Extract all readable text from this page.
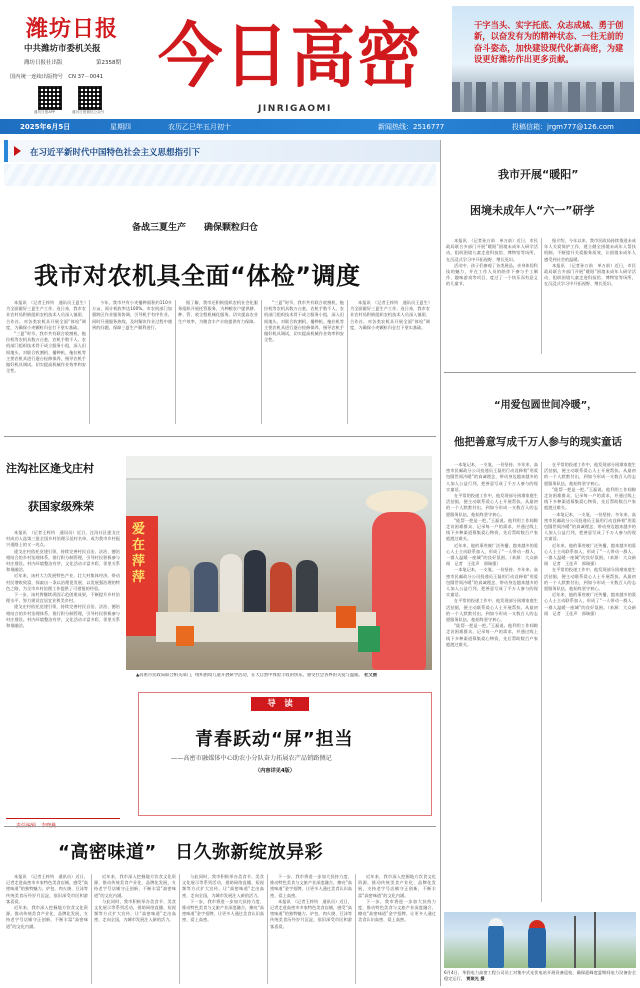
潍坊日报
中共潍坊市委机关报
潍坊日报社出版	第2358期
国内统一连续出版物号　CN 37－0041
潍坊日报APP	潍坊日报微信公众号
今日高密
JINRIGAOMI
干字当头、实字托底、众志成城、勇于创新，以奋发有为的精神状态、一往无前的奋斗姿态，加快建设现代化新高密，为建设更好潍坊作出更多贡献。
2025年6月5日	星期四	农历乙巳年五月初十	新闻热线：2516777	投稿信箱：jrgm777@126.com
在习近平新时代中国特色社会主义思想指引下
备战三夏生产　　确保颗粒归仓
我市对农机具全面“体检”调度

本报讯　（记者王梓钧　通讯员王夏生）为全面做好三夏生产工作，连日来，我市农业农村局积极组织农机技术人员深入镇街、合作社，对各类农机具开展全面“体检”调度，为确保小麦颗粒归仓打下坚实基础。

“三夏”时节，我市共有联合收割机、拖拉机等农机具数万台套，农机手数千人。农机部门组织技术骨干成立服务小组，深入田间地头，对联合收割机、播种机、拖拉机等主要农机具进行逐台检修保养，指导农机手做好机具调试，切实提高机械作业效率和安全性。

今年，我市共有小麦播种面积约110多万亩，预计机收率达100%。市农机部门加强跨区作业服务协调，引导机手有序作业。同时开通服务热线，及时解决作业过程中遇到的问题，保障三夏生产顺利进行。

据了解，我市还积极组织农机社会化服务组织开展托管服务，为种粮农户提供耕、种、管、收全程机械化服务，切实提高农业生产效率，为粮食丰产丰收提供有力保障。

“三夏”时节，我市共有联合收割机、拖拉机等农机具数万台套，农机手数千人。农机部门组织技术骨干成立服务小组，深入田间地头，对联合收割机、播种机、拖拉机等主要农机具进行逐台检修保养，指导农机手做好机具调试，切实提高机械作业效率和安全性。

本报讯　（记者王梓钧　通讯员王夏生）为全面做好三夏生产工作，连日来，我市农业农村局积极组织农机技术人员深入镇街、合作社，对各类农机具开展全面“体检”调度，为确保小麦颗粒归仓打下坚实基础。

我市开展“暖阳”
困境未成年人“六一”研学

本报讯　（记者孙万前　单万前）近日，市民政局联合多部门开展“暖阳”困境未成年人研学活动，组织困境儿童走进科技馆、博物馆等场所，在沉浸式学习中开拓视野、增长见识。

活动中，孩子们参观了各类展品，亲身体验科技的魅力，并在工作人员的陪伴下参与手工制作、趣味游戏等项目，度过了一个快乐而有意义的儿童节。

据介绍，今年以来，我市民政局持续推进未成年人关爱保护工作，建立健全困境未成年人帮扶机制，不断提升关爱服务质效，让困境未成年人感受到社会的温暖。

本报讯　（记者孙万前　单万前）近日，市民政局联合多部门开展“暖阳”困境未成年人研学活动，组织困境儿童走进科技馆、博物馆等场所，在沉浸式学习中开拓视野、增长见识。

“用爱包圆世间冷暖”，
他把善意写成千万人参与的现实童话

一本笔记本，一支笔，一份坚持。多年来，高密市民邮政分公司投递员王磊用行动诠释着“用爱包圆世间冷暖”的真诚理念，带动身边越来越多的人加入公益行列，把善意写成了千万人参与的现实童话。

在平常的投递工作中，他发现部分困难家庭生活拮据，便主动联系爱心人士开展帮扶。从最初的一个人默默付出，到如今形成一支数百人的志愿服务队伍，他始终坚守初心。

“能帮一把是一把。”王磊说。他利用工作间隙走访困难群众，记录每一户的需求，并通过线上线下多种渠道募集爱心物资，先后帮助数百户家庭渡过难关。

近年来，他的事迹被广泛传播，越来越多的爱心人士主动联系加入，形成了“一人带动一群人、一群人温暖一座城”的良好氛围。（来源：大众新闻　记者　王佳声　郭瑞强）

一本笔记本，一支笔，一份坚持。多年来，高密市民邮政分公司投递员王磊用行动诠释着“用爱包圆世间冷暖”的真诚理念，带动身边越来越多的人加入公益行列，把善意写成了千万人参与的现实童话。

在平常的投递工作中，他发现部分困难家庭生活拮据，便主动联系爱心人士开展帮扶。从最初的一个人默默付出，到如今形成一支数百人的志愿服务队伍，他始终坚守初心。

“能帮一把是一把。”王磊说。他利用工作间隙走访困难群众，记录每一户的需求，并通过线上线下多种渠道募集爱心物资，先后帮助数百户家庭渡过难关。

在平常的投递工作中，他发现部分困难家庭生活拮据，便主动联系爱心人士开展帮扶。从最初的一个人默默付出，到如今形成一支数百人的志愿服务队伍，他始终坚守初心。

“能帮一把是一把。”王磊说。他利用工作间隙走访困难群众，记录每一户的需求，并通过线上线下多种渠道募集爱心物资，先后帮助数百户家庭渡过难关。

一本笔记本，一支笔，一份坚持。多年来，高密市民邮政分公司投递员王磊用行动诠释着“用爱包圆世间冷暖”的真诚理念，带动身边越来越多的人加入公益行列，把善意写成了千万人参与的现实童话。

近年来，他的事迹被广泛传播，越来越多的爱心人士主动联系加入，形成了“一人带动一群人、一群人温暖一座城”的良好氛围。（来源：大众新闻　记者　王佳声　郭瑞强）

在平常的投递工作中，他发现部分困难家庭生活拮据，便主动联系爱心人士开展帮扶。从最初的一个人默默付出，到如今形成一支数百人的志愿服务队伍，他始终坚守初心。

近年来，他的事迹被广泛传播，越来越多的爱心人士主动联系加入，形成了“一人带动一群人、一群人温暖一座城”的良好氛围。（来源：大众新闻　记者　王佳声　郭瑞强）

注沟社区逄戈庄村
获国家级殊荣

本报讯　（记者王梓钧　通讯员）近日，注沟社区逄戈庄村成功入选第三批全国乡村治理示范村名单，成为我市乡村振兴道路上的又一亮点。

逄戈庄村依托党建引领，持续完善村民自治、法治、德治相结合的乡村治理体系，推行积分制管理，引导村民积极参与村庄建设。村内环境整洁有序，文化活动丰富多彩，邻里关系和谐融洽。

近年来，该村大力发展特色产业，壮大村集体经济，带动村民增收致富，探索出一条以治理促发展、以发展强治理的特色之路，为全市乡村治理工作提供了可借鉴的经验。

下一步，该村将继续巩固示范创建成果，不断提升乡村治理水平，努力建设宜居宜业和美乡村。

逄戈庄村依托党建引领，持续完善村民自治、法治、德治相结合的乡村治理体系，推行积分制管理，引导村民积极参与村庄建设。村内环境整洁有序，文化活动丰富多彩，邻里关系和谐融洽。

爱在萍萍
▲高密市民政局联合相关部门，组织困境儿童开展研学活动，在大自然中体验丰收的快乐，感受社会各界的关爱与温暖。 社文摄
导　读
青春跃动“屏”担当
——高密市融媒体中心助农小分队奋力拓展农产品销路侧记
（内容详见4版）
“高密味道”　日久弥新绽放异彩

本报讯　（记者王梓钧　通讯员）近日，记者走进高密市多家特色美食店铺，感受“高密味道”的独特魅力。炉包、肉火烧、豆沫等传统美食历经岁月沉淀，依旧深受市民和游客喜爱。

近年来，我市深入挖掘地方饮食文化资源，推动传统美食产业化、品牌化发展，支持老字号店铺守正创新，不断丰富“高密味道”的文化内涵。

近年来，我市深入挖掘地方饮食文化资源，推动传统美食产业化、品牌化发展，支持老字号店铺守正创新，不断丰富“高密味道”的文化内涵。

与此同时，我市积极举办美食节、美食文化展示等系列活动，借助网络直播、短视频等方式扩大宣传，让“高密味道”走出高密、走向全国，为城市发展注入新的活力。

与此同时，我市积极举办美食节、美食文化展示等系列活动，借助网络直播、短视频等方式扩大宣传，让“高密味道”走出高密、走向全国，为城市发展注入新的活力。

下一步，我市将进一步加大扶持力度，推动特色美食与文旅产业深度融合，擦亮“高密味道”金字招牌，让更多人通过美食认识高密、爱上高密。

下一步，我市将进一步加大扶持力度，推动特色美食与文旅产业深度融合，擦亮“高密味道”金字招牌，让更多人通过美食认识高密、爱上高密。

本报讯　（记者王梓钧　通讯员）近日，记者走进高密市多家特色美食店铺，感受“高密味道”的独特魅力。炉包、肉火烧、豆沫等传统美食历经岁月沉淀，依旧深受市民和游客喜爱。

近年来，我市深入挖掘地方饮食文化资源，推动传统美食产业化、品牌化发展，支持老字号店铺守正创新，不断丰富“高密味道”的文化内涵。

下一步，我市将进一步加大扶持力度，推动特色美食与文旅产业深度融合，擦亮“高密味道”金字招牌，让更多人通过美食认识高密、爱上高密。

6月4日，华润电力高密工程公司员工对集中式光伏电站开展设备巡检，确保迎峰度夏期间电力设备安全稳定运行。 贾聚光 摄
